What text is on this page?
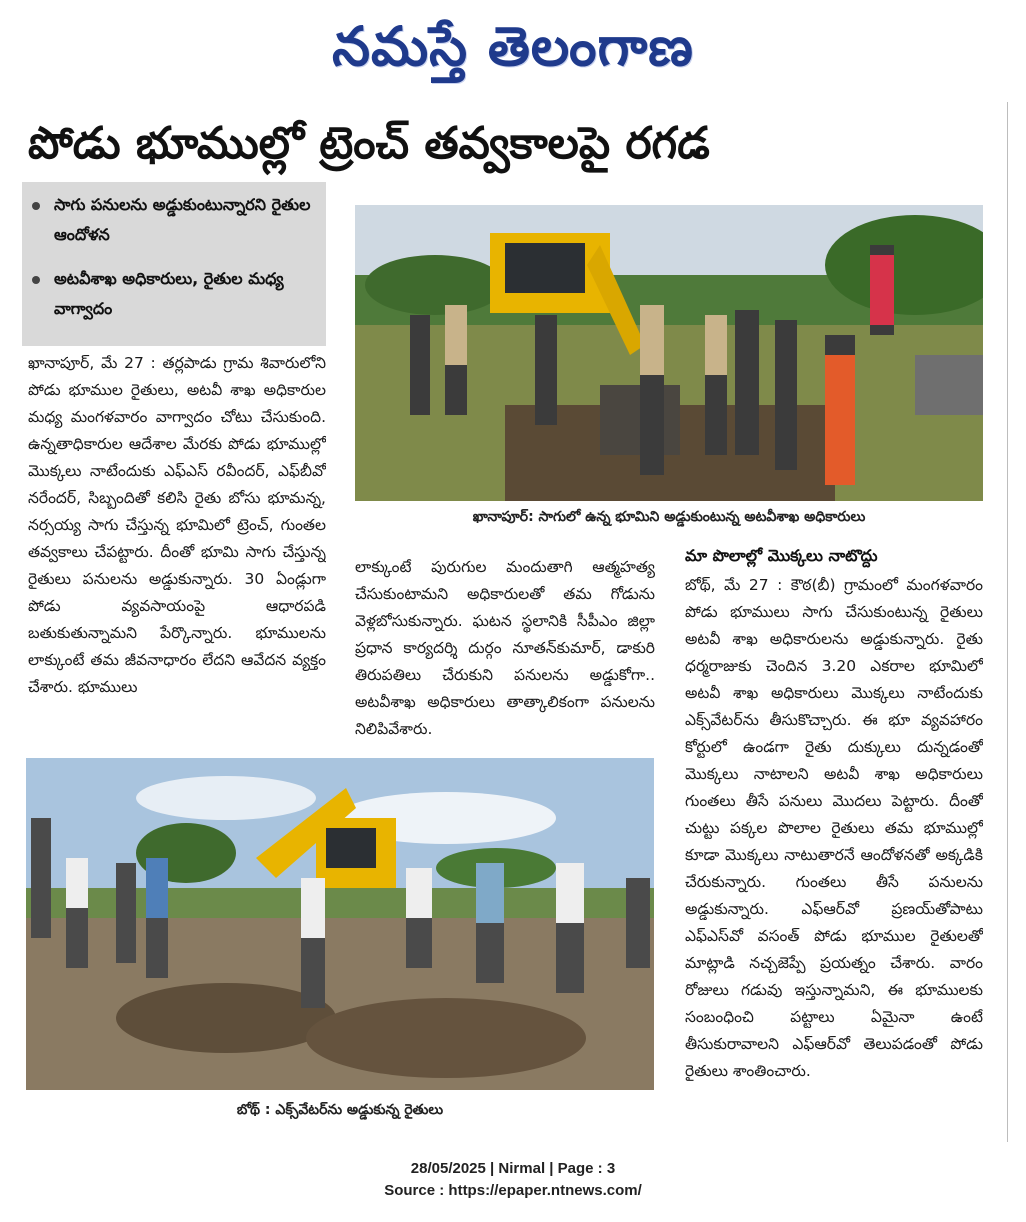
నమస్తే తెలంగాణ
పోడు భూముల్లో ట్రెంచ్ తవ్వకాలపై రగడ
సాగు పనులను అడ్డుకుంటున్నారని రైతుల ఆందోళన
అటవీశాఖ అధికారులు, రైతుల మధ్య వాగ్వాదం
ఖానాపూర్, మే 27 : తర్లపాడు గ్రామ శివారులోని పోడు భూముల రైతులు, అటవీ శాఖ అధికారుల మధ్య మంగళవారం వాగ్వాదం చోటు చేసుకుంది. ఉన్నతాధికారుల ఆదేశాల మేరకు పోడు భూముల్లో మొక్కలు నాటేందుకు ఎఫ్ఎస్ రవీందర్, ఎఫ్‌బీవో నరేందర్, సిబ్బందితో కలిసి రైతు బోసు భూమన్న, నర్సయ్య సాగు చేస్తున్న భూమిలో ట్రెంచ్, గుంతల తవ్వకాలు చేపట్టారు. దీంతో భూమి సాగు చేస్తున్న రైతులు పనులను అడ్డుకున్నారు. 30 ఏండ్లుగా పోడు వ్యవసాయంపై ఆధారపడి బతుకుతున్నామని పేర్కొన్నారు. భూములను లాక్కుంటే తమ జీవనాధారం లేదని ఆవేదన వ్యక్తం చేశారు. భూములు
ఖానాపూర్: సాగులో ఉన్న భూమిని అడ్డుకుంటున్న అటవీశాఖ అధికారులు
లాక్కుంటే పురుగుల మందుతాగి ఆత్మహత్య చేసుకుంటామని అధికారులతో తమ గోడును వెళ్లబోసుకున్నారు. ఘటన స్థలానికి సీపీఎం జిల్లా ప్రధాన కార్యదర్శి దుర్గం నూతన్‌కుమార్, డాకురి తిరుపతిలు చేరుకుని పనులను అడ్డుకోగా.. అటవీశాఖ అధికారులు తాత్కాలికంగా పనులను నిలిపివేశారు.
మా పొలాల్లో మొక్కలు నాటొద్దు
బోథ్, మే 27 : కౌఠ(బీ) గ్రామంలో మంగళవారం పోడు భూములు సాగు చేసుకుంటున్న రైతులు అటవీ శాఖ అధికారులను అడ్డుకున్నారు. రైతు ధర్మరాజుకు చెందిన 3.20 ఎకరాల భూమిలో అటవీ శాఖ అధికారులు మొక్కలు నాటేందుకు ఎక్స్‌వేటర్‌ను తీసుకొచ్చారు. ఈ భూ వ్యవహారం కోర్టులో ఉండగా రైతు దుక్కులు దున్నడంతో మొక్కలు నాటాలని అటవీ శాఖ అధికారులు గుంతలు తీసే పనులు మొదలు పెట్టారు. దీంతో చుట్టు పక్కల పొలాల రైతులు తమ భూముల్లో కూడా మొక్కలు నాటుతారనే ఆందోళనతో అక్కడికి చేరుకున్నారు. గుంతలు తీసే పనులను అడ్డుకున్నారు. ఎఫ్ఆర్‌వో ప్రణయ్‌తోపాటు ఎఫ్ఎస్‌వో వసంత్ పోడు భూముల రైతులతో మాట్లాడి నచ్చజెప్పే ప్రయత్నం చేశారు. వారం రోజులు గడువు ఇస్తున్నామని, ఈ భూములకు సంబంధించి పట్టాలు ఏమైనా ఉంటే తీసుకురావాలని ఎఫ్ఆర్‌వో తెలుపడంతో పోడు రైతులు శాంతించారు.
బోథ్ : ఎక్స్‌వేటర్‌ను అడ్డుకున్న రైతులు
28/05/2025 | Nirmal | Page : 3
Source : https://epaper.ntnews.com/
